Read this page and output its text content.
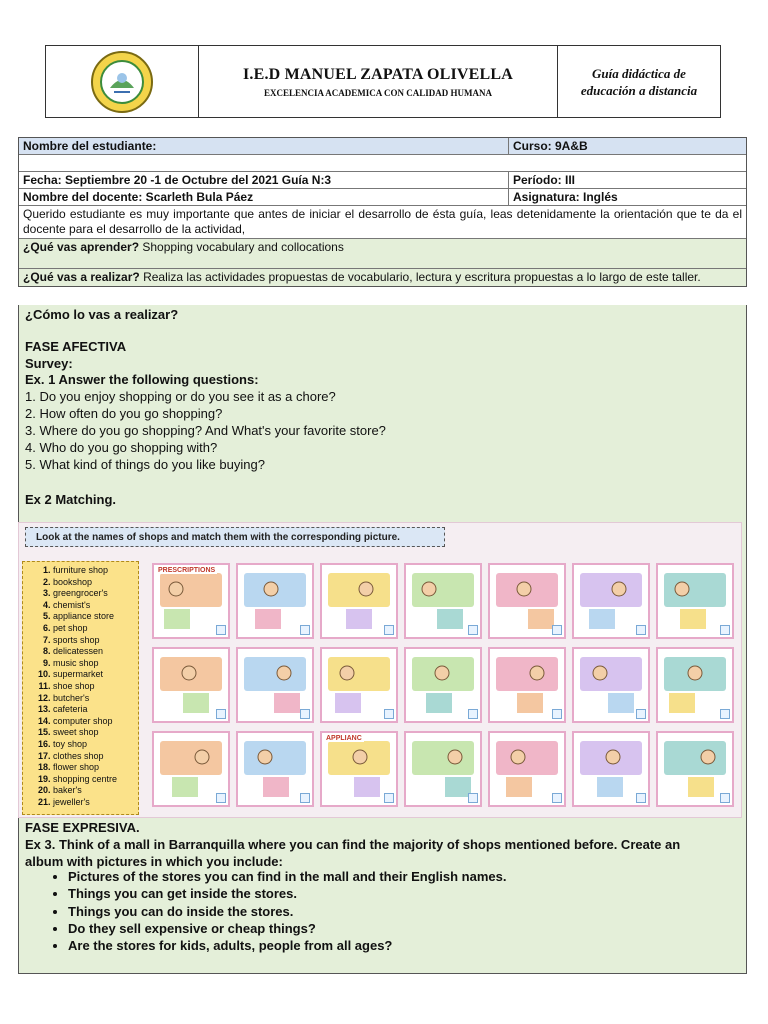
I.E.D MANUEL ZAPATA OLIVELLA
EXCELENCIA ACADEMICA CON CALIDAD HUMANA
Guía didáctica de educación a distancia
Nombre del estudiante:	Curso: 9A&B
Fecha: Septiembre 20 -1 de Octubre del 2021 Guía N:3	Período: III
Nombre del docente: Scarleth Bula Páez	Asignatura: Inglés
Querido estudiante es muy importante que antes de iniciar el desarrollo de ésta guía, leas detenidamente la orientación que te da el docente para el desarrollo de la actividad,
¿Qué vas aprender? Shopping vocabulary and collocations
¿Qué vas a realizar? Realiza las actividades propuestas de vocabulario, lectura y escritura propuestas a lo largo de este taller.
¿Cómo lo vas a realizar?
FASE AFECTIVA
Survey:
Ex. 1 Answer the following questions:
1. Do you enjoy shopping or do you see it as a chore?
2. How often do you go shopping?
3. Where do you go shopping? And What's your favorite store?
4. Who do you go shopping with?
5. What kind of things do you like buying?
Ex 2 Matching.
FASE EXPRESIVA.
Ex 3. Think of a mall in Barranquilla where you can find the majority of shops mentioned before. Create an
album with pictures in which you include:
Look at the names of shops and match them with the corresponding picture.
1. furniture shop
2. bookshop
3. greengrocer's
4. chemist's
5. appliance store
6. pet shop
7. sports shop
8. delicatessen
9. music shop
10. supermarket
11. shoe shop
12. butcher's
13. cafeteria
14. computer shop
15. sweet shop
16. toy shop
17. clothes shop
18. flower shop
19. shopping centre
20. baker's
21. jeweller's
PRESCRIPTIONS
APPLIANC
• Pictures of the stores you can find in the mall and their English names.
• Things you can get inside the stores.
• Things you can do inside the stores.
• Do they sell expensive or cheap things?
• Are the stores for kids, adults, people from all ages?
